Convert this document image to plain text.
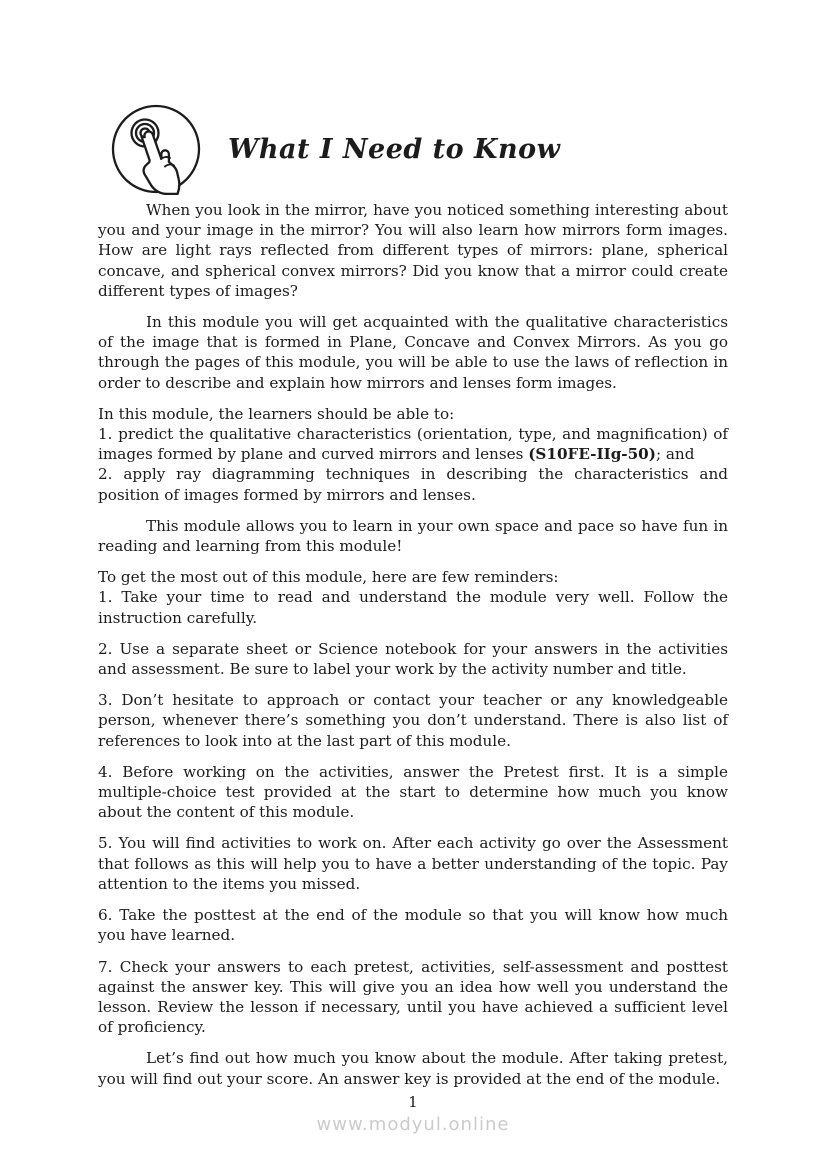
What I Need to Know

When you look in the mirror, have you noticed something interesting about you and your image in the mirror? You will also learn how mirrors form images. How are light rays reflected from different types of mirrors: plane, spherical concave, and spherical convex mirrors? Did you know that a mirror could create different types of images?

In this module you will get acquainted with the qualitative characteristics of the image that is formed in Plane, Concave and Convex Mirrors. As you go through the pages of this module, you will be able to use the laws of reflection in order to describe and explain how mirrors and lenses form images.

In this module, the learners should be able to:

1. predict the qualitative characteristics (orientation, type, and magnification) of images formed by plane and curved mirrors and lenses (S10FE-IIg-50); and

2. apply ray diagramming techniques in describing the characteristics and position of images formed by mirrors and lenses.

This module allows you to learn in your own space and pace so have fun in reading and learning from this module!

To get the most out of this module, here are few reminders:

1. Take your time to read and understand the module very well. Follow the instruction carefully.

2. Use a separate sheet or Science notebook for your answers in the activities and assessment. Be sure to label your work by the activity number and title.

3. Don’t hesitate to approach or contact your teacher or any knowledgeable person, whenever there’s something you don’t understand. There is also list of references to look into at the last part of this module.

4. Before working on the activities, answer the Pretest first. It is a simple multiple-choice test provided at the start to determine how much you know about the content of this module.

5. You will find activities to work on. After each activity go over the Assessment that follows as this will help you to have a better understanding of the topic. Pay attention to the items you missed.

6. Take the posttest at the end of the module so that you will know how much you have learned.

7. Check your answers to each pretest, activities, self-assessment and posttest against the answer key. This will give you an idea how well you understand the lesson. Review the lesson if necessary, until you have achieved a sufficient level of proficiency.

Let’s find out how much you know about the module. After taking pretest, you will find out your score. An answer key is provided at the end of the module.

1
www.modyul.online
